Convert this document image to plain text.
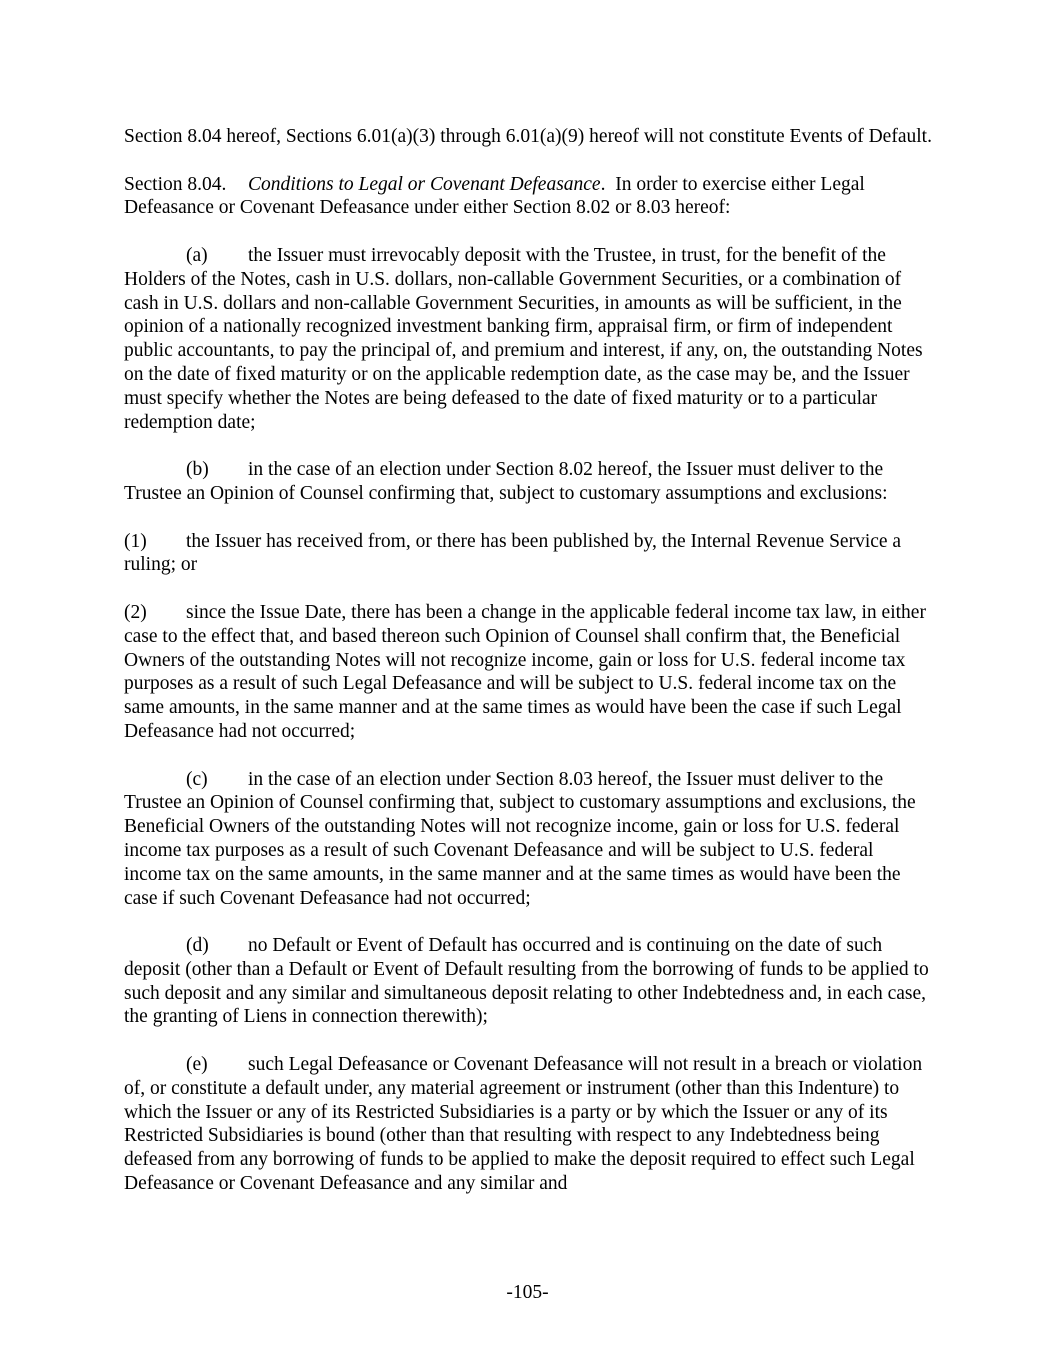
Section 8.04 hereof, Sections 6.01(a)(3) through 6.01(a)(9) hereof will not constitute Events of Default.

Section 8.04. Conditions to Legal or Covenant Defeasance.  In order to exercise either Legal Defeasance or Covenant Defeasance under either Section 8.02 or 8.03 hereof:

(a) the Issuer must irrevocably deposit with the Trustee, in trust, for the benefit of the Holders of the Notes, cash in U.S. dollars, non-callable Government Securities, or a combination of cash in U.S. dollars and non-callable Government Securities, in amounts as will be sufficient, in the opinion of a nationally recognized investment banking firm, appraisal firm, or firm of independent public accountants, to pay the principal of, and premium and interest, if any, on, the outstanding Notes on the date of fixed maturity or on the applicable redemption date, as the case may be, and the Issuer must specify whether the Notes are being defeased to the date of fixed maturity or to a particular redemption date;

(b) in the case of an election under Section 8.02 hereof, the Issuer must deliver to the Trustee an Opinion of Counsel confirming that, subject to customary assumptions and exclusions:

(1) the Issuer has received from, or there has been published by, the Internal Revenue Service a ruling; or

(2) since the Issue Date, there has been a change in the applicable federal income tax law, in either case to the effect that, and based thereon such Opinion of Counsel shall confirm that, the Beneficial Owners of the outstanding Notes will not recognize income, gain or loss for U.S. federal income tax purposes as a result of such Legal Defeasance and will be subject to U.S. federal income tax on the same amounts, in the same manner and at the same times as would have been the case if such Legal Defeasance had not occurred;

(c) in the case of an election under Section 8.03 hereof, the Issuer must deliver to the Trustee an Opinion of Counsel confirming that, subject to customary assumptions and exclusions, the Beneficial Owners of the outstanding Notes will not recognize income, gain or loss for U.S. federal income tax purposes as a result of such Covenant Defeasance and will be subject to U.S. federal income tax on the same amounts, in the same manner and at the same times as would have been the case if such Covenant Defeasance had not occurred;

(d) no Default or Event of Default has occurred and is continuing on the date of such deposit (other than a Default or Event of Default resulting from the borrowing of funds to be applied to such deposit and any similar and simultaneous deposit relating to other Indebtedness and, in each case, the granting of Liens in connection therewith);

(e) such Legal Defeasance or Covenant Defeasance will not result in a breach or violation of, or constitute a default under, any material agreement or instrument (other than this Indenture) to which the Issuer or any of its Restricted Subsidiaries is a party or by which the Issuer or any of its Restricted Subsidiaries is bound (other than that resulting with respect to any Indebtedness being defeased from any borrowing of funds to be applied to make the deposit required to effect such Legal Defeasance or Covenant Defeasance and any similar and

-105-
